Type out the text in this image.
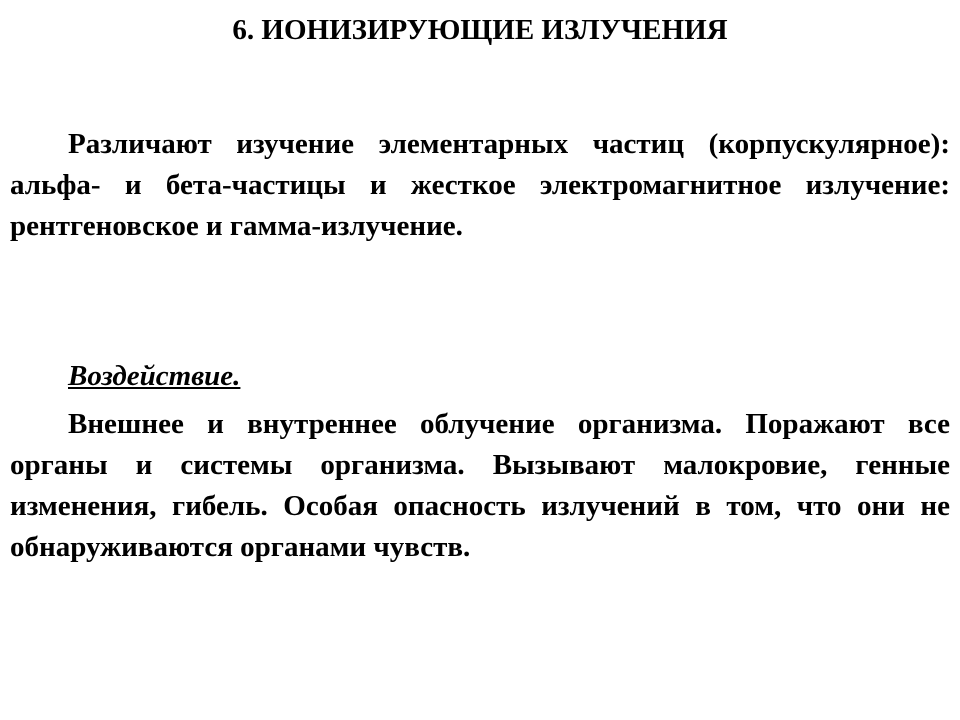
6. ИОНИЗИРУЮЩИЕ ИЗЛУЧЕНИЯ

Различают изучение элементарных частиц (корпускулярное): альфа- и бета-частицы и жесткое электромагнитное излучение: рентгеновское и гамма-излучение.

Воздействие.

Внешнее и внутреннее облучение организма. Поражают все органы и системы организма. Вызывают малокровие, генные изменения, гибель. Особая опасность излучений в том, что они не обнаруживаются органами чувств.
